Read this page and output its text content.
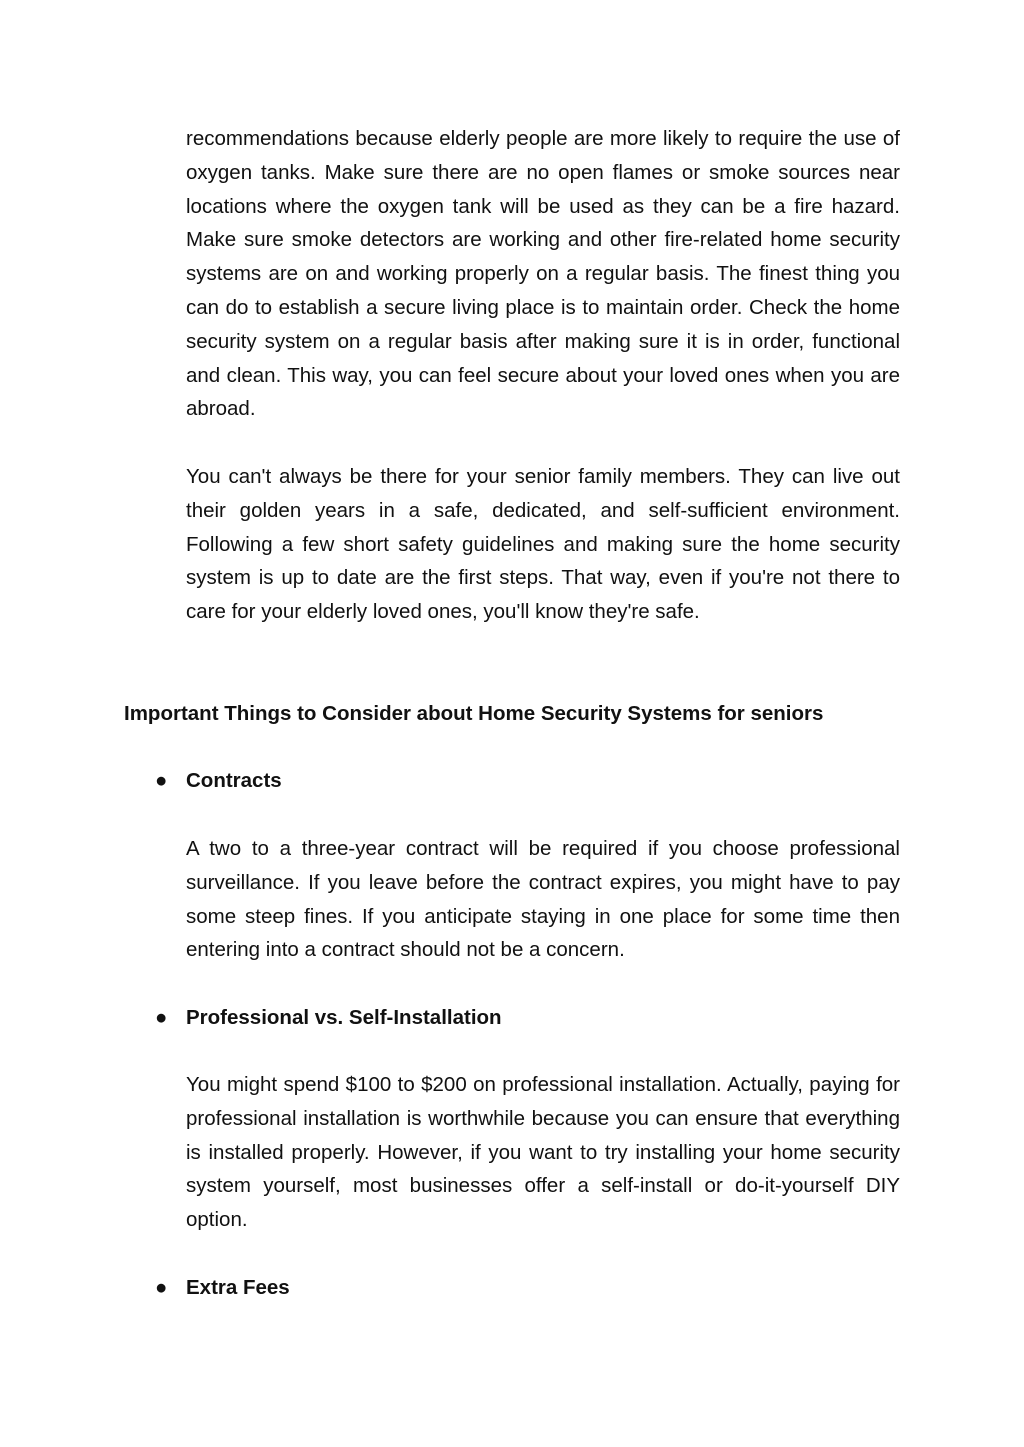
recommendations because elderly people are more likely to require the use of oxygen tanks. Make sure there are no open flames or smoke sources near locations where the oxygen tank will be used as they can be a fire hazard. Make sure smoke detectors are working and other fire-related home security systems are on and working properly on a regular basis. The finest thing you can do to establish a secure living place is to maintain order. Check the home security system on a regular basis after making sure it is in order, functional and clean. This way, you can feel secure about your loved ones when you are abroad.

You can't always be there for your senior family members. They can live out their golden years in a safe, dedicated, and self-sufficient environment. Following a few short safety guidelines and making sure the home security system is up to date are the first steps. That way, even if you're not there to care for your elderly loved ones, you'll know they're safe.

Important Things to Consider about Home Security Systems for seniors
● Contracts

A two to a three-year contract will be required if you choose professional surveillance. If you leave before the contract expires, you might have to pay some steep fines. If you anticipate staying in one place for some time then entering into a contract should not be a concern.

● Professional vs. Self-Installation

You might spend $100 to $200 on professional installation. Actually, paying for professional installation is worthwhile because you can ensure that everything is installed properly. However, if you want to try installing your home security system yourself, most businesses offer a self-install or do-it-yourself DIY option.

● Extra Fees
